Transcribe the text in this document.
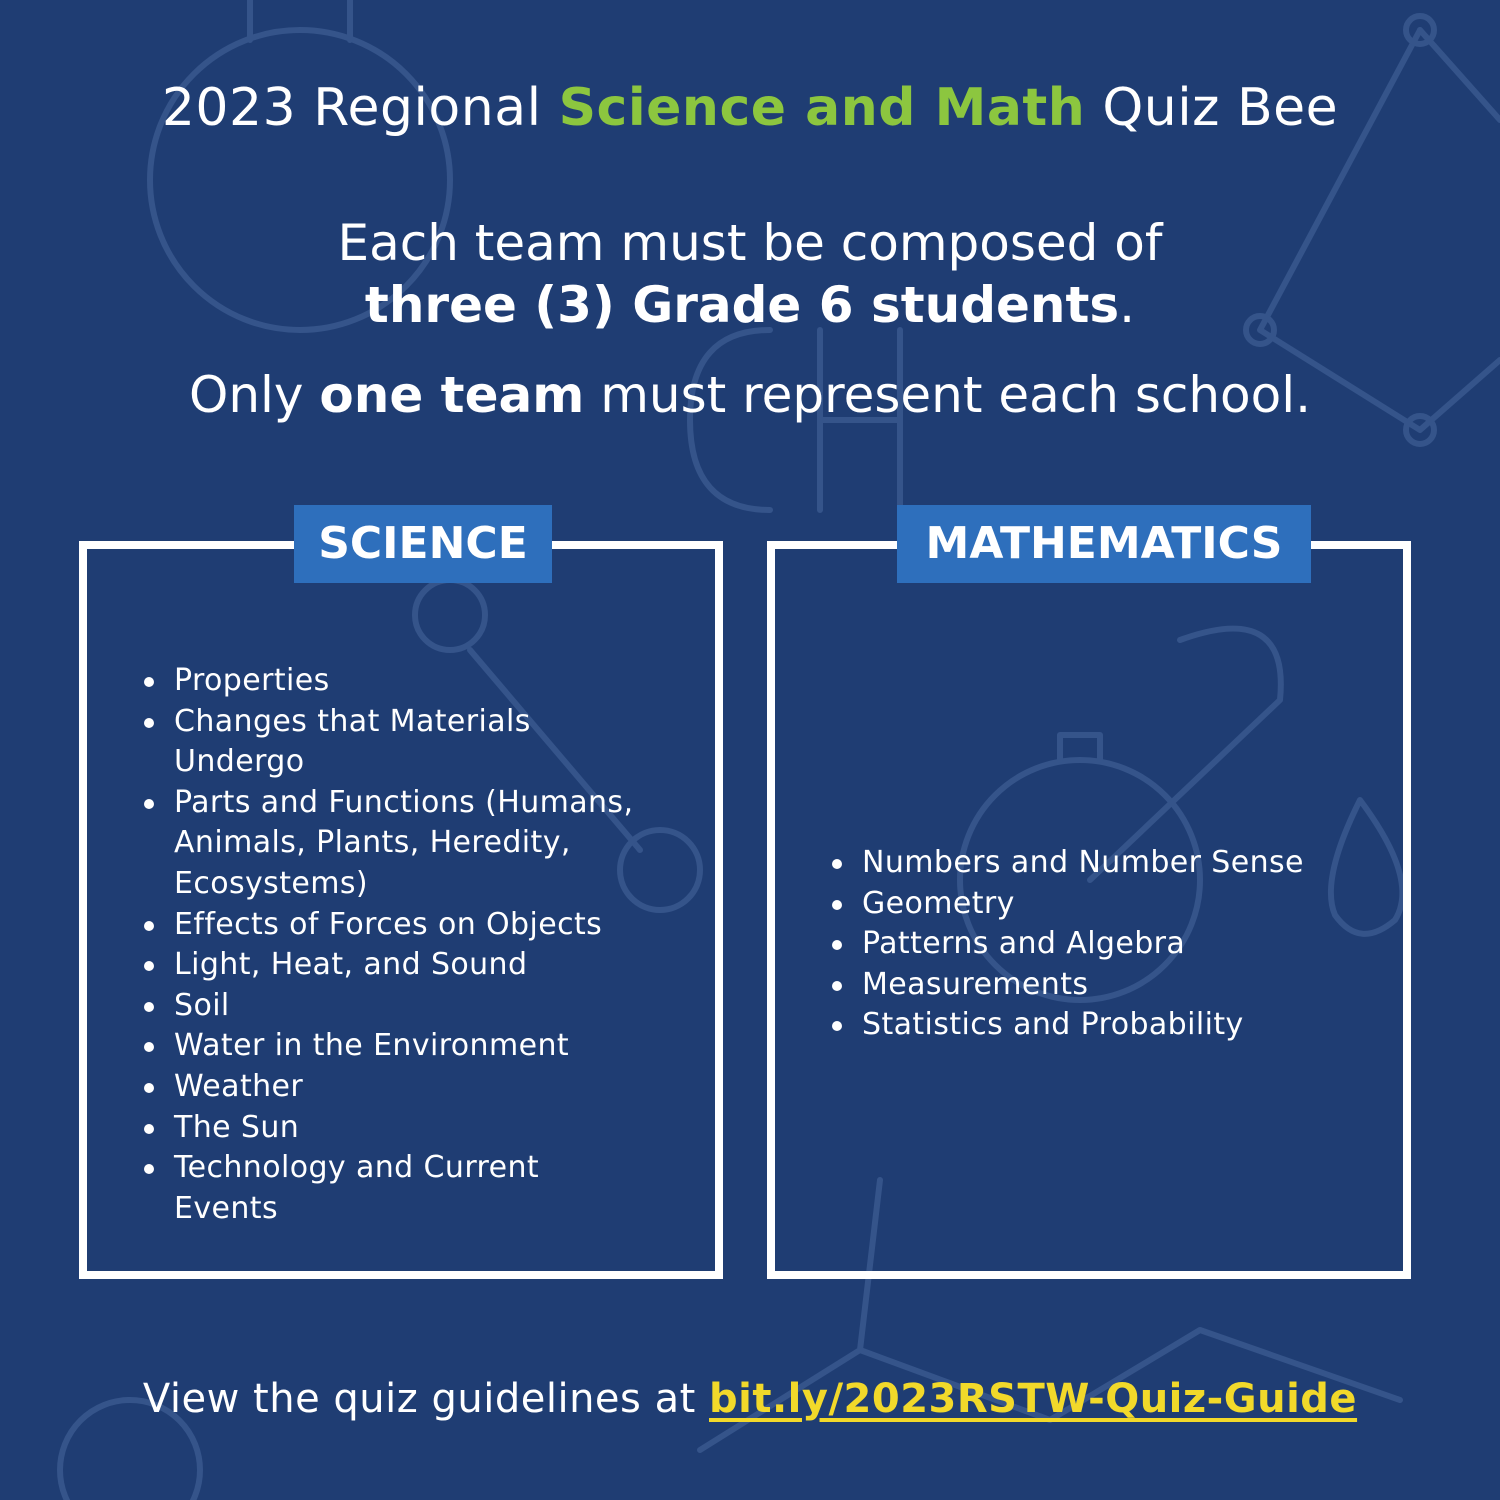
2023 Regional Science and Math Quiz Bee
Each team must be composed of
three (3) Grade 6 students.
Only one team must represent each school.
SCIENCE
Properties
Changes that Materials Undergo
Parts and Functions (Humans, Animals, Plants, Heredity, Ecosystems)
Effects of Forces on Objects
Light, Heat, and Sound
Soil
Water in the Environment
Weather
The Sun
Technology and Current Events
MATHEMATICS
Numbers and Number Sense
Geometry
Patterns and Algebra
Measurements
Statistics and Probability
View the quiz guidelines at bit.ly/2023RSTW-Quiz-Guide
